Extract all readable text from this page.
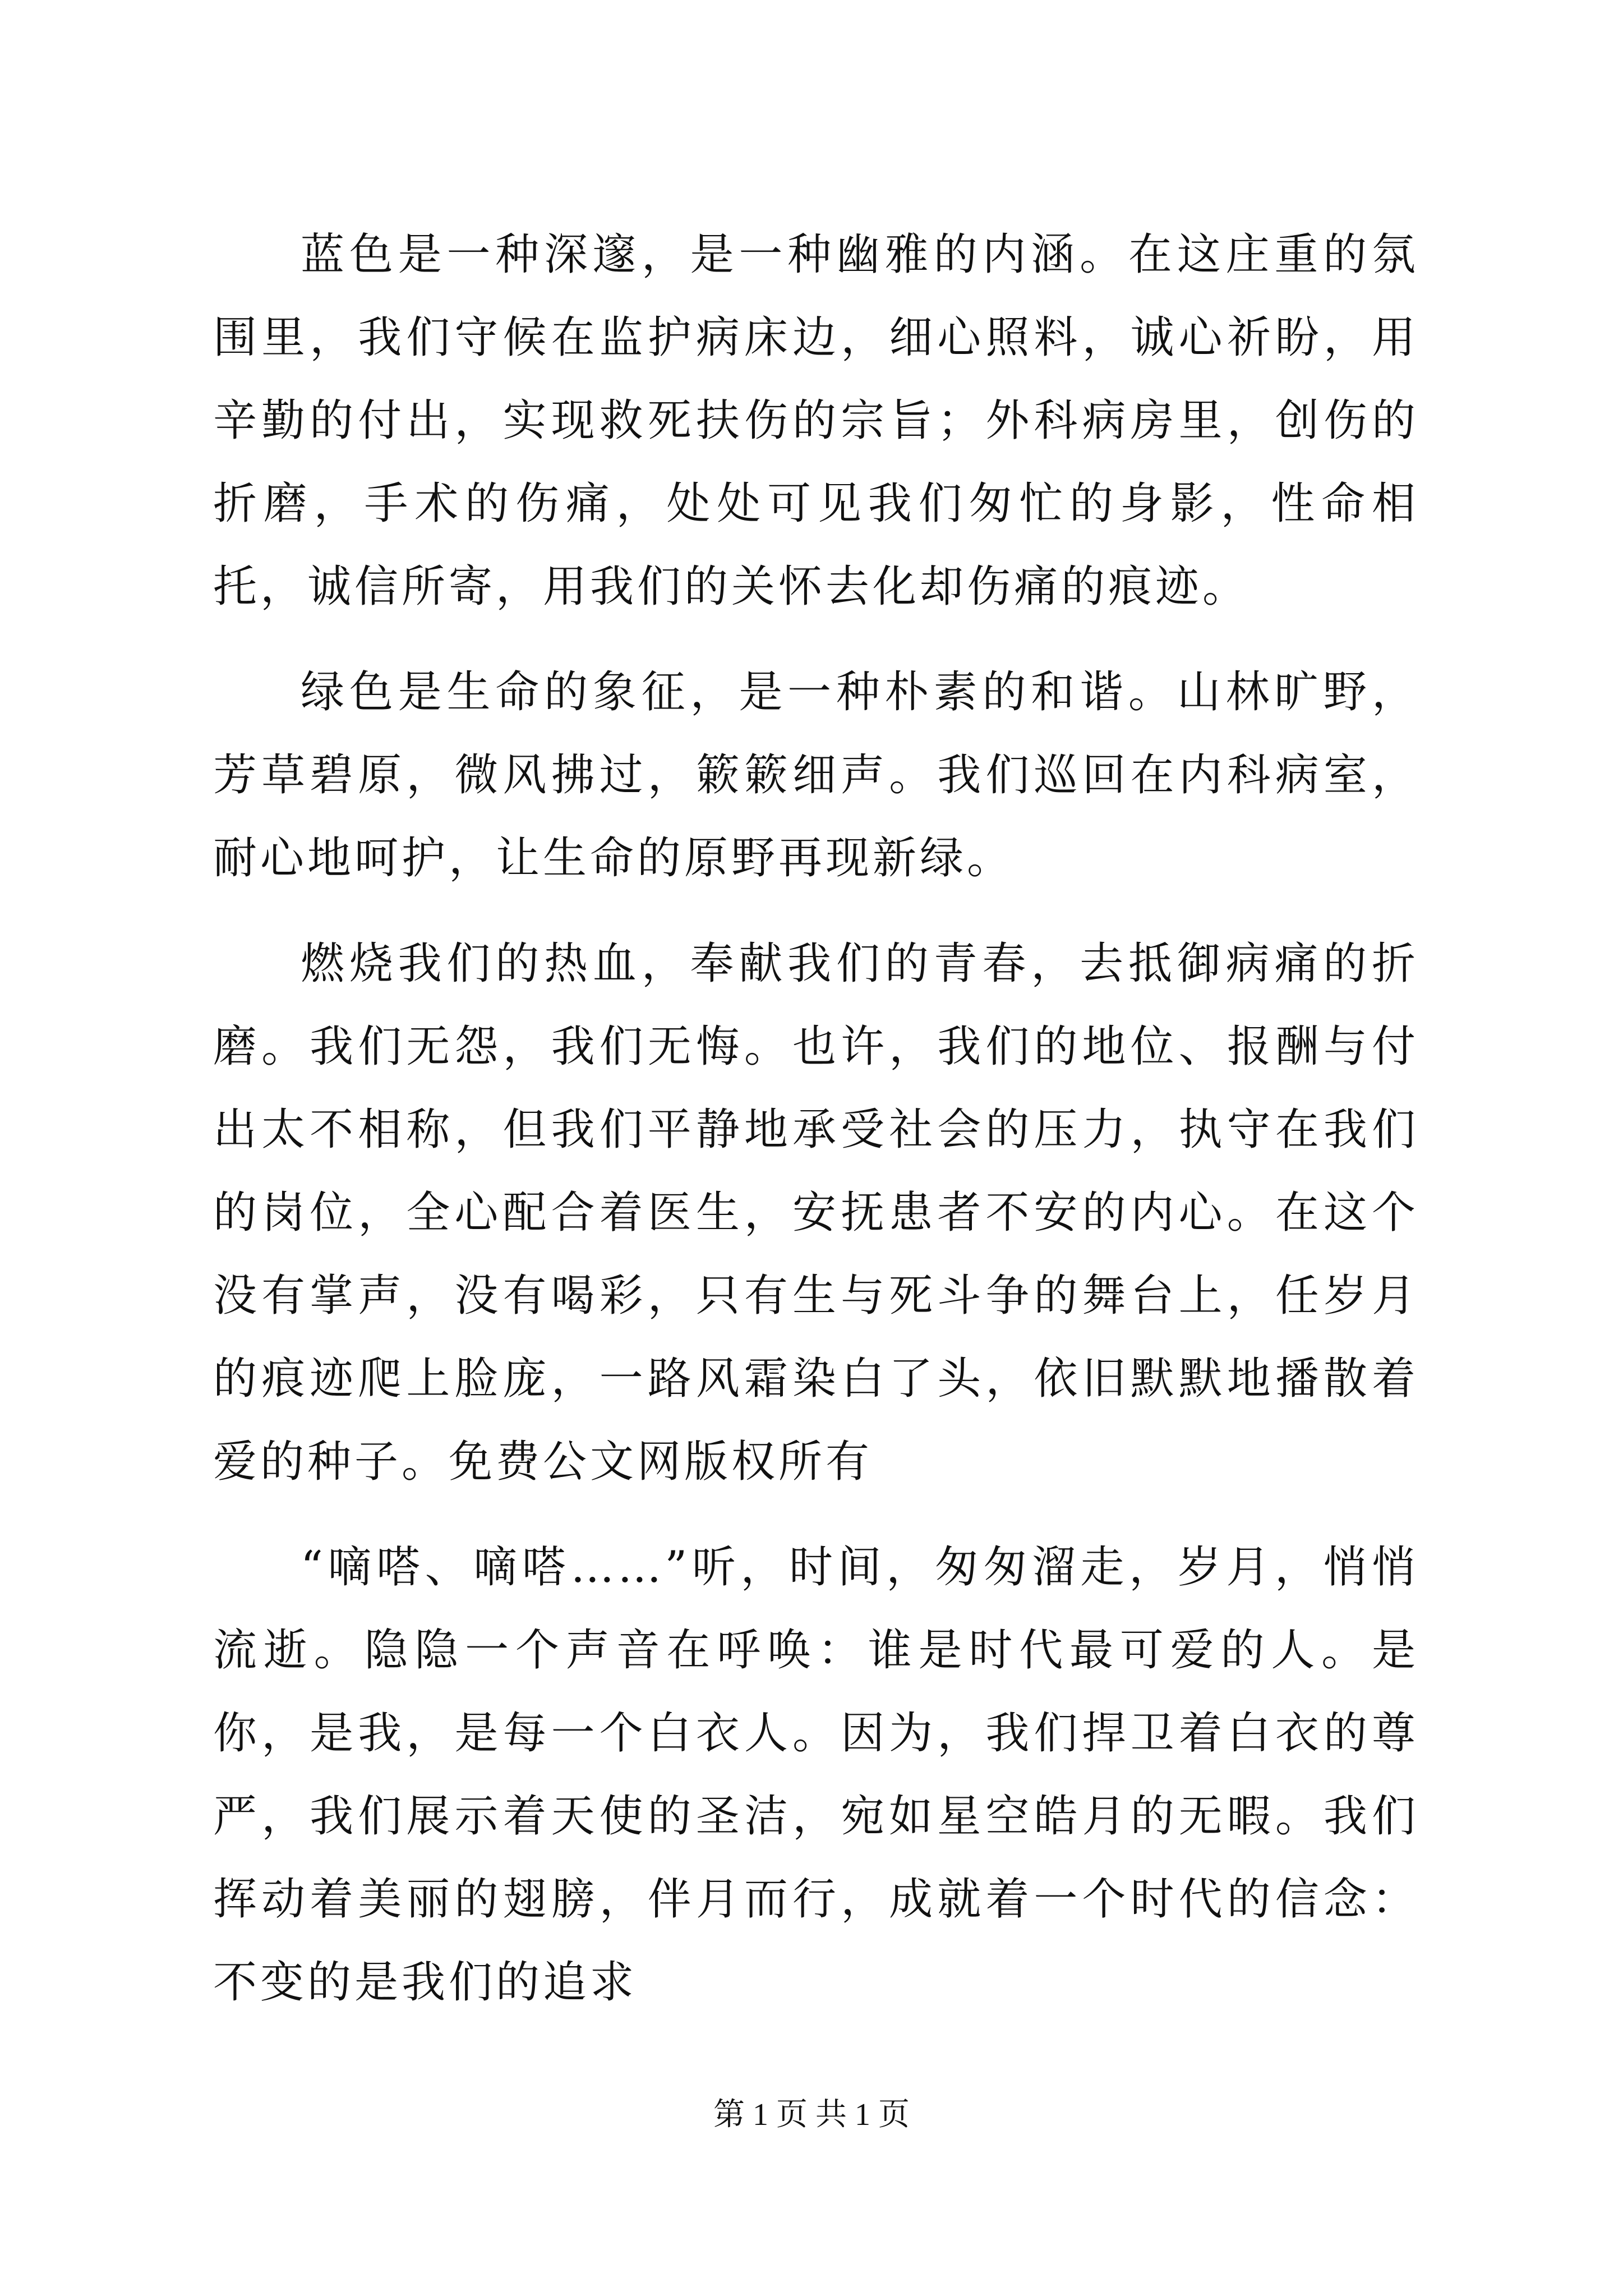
蓝色是一种深邃，是一种幽雅的内涵。在这庄重的氛围里，我们守候在监护病床边，细心照料，诚心祈盼，用辛勤的付出，实现救死扶伤的宗旨；外科病房里，创伤的折磨，手术的伤痛，处处可见我们匆忙的身影，性命相托，诚信所寄，用我们的关怀去化却伤痛的痕迹。

绿色是生命的象征，是一种朴素的和谐。山林旷野，芳草碧原，微风拂过，簌簌细声。我们巡回在内科病室，耐心地呵护，让生命的原野再现新绿。

燃烧我们的热血，奉献我们的青春，去抵御病痛的折磨。我们无怨，我们无悔。也许，我们的地位、报酬与付出太不相称，但我们平静地承受社会的压力，执守在我们的岗位，全心配合着医生，安抚患者不安的内心。在这个没有掌声，没有喝彩，只有生与死斗争的舞台上，任岁月的痕迹爬上脸庞，一路风霜染白了头，依旧默默地播散着爱的种子。免费公文网版权所有

“嘀嗒、嘀嗒……”听，时间，匆匆溜走，岁月，悄悄流逝。隐隐一个声音在呼唤：谁是时代最可爱的人。是你，是我，是每一个白衣人。因为，我们捍卫着白衣的尊严，我们展示着天使的圣洁，宛如星空皓月的无暇。我们挥动着美丽的翅膀，伴月而行，成就着一个时代的信念：不变的是我们的追求

第 1 页 共 1 页
